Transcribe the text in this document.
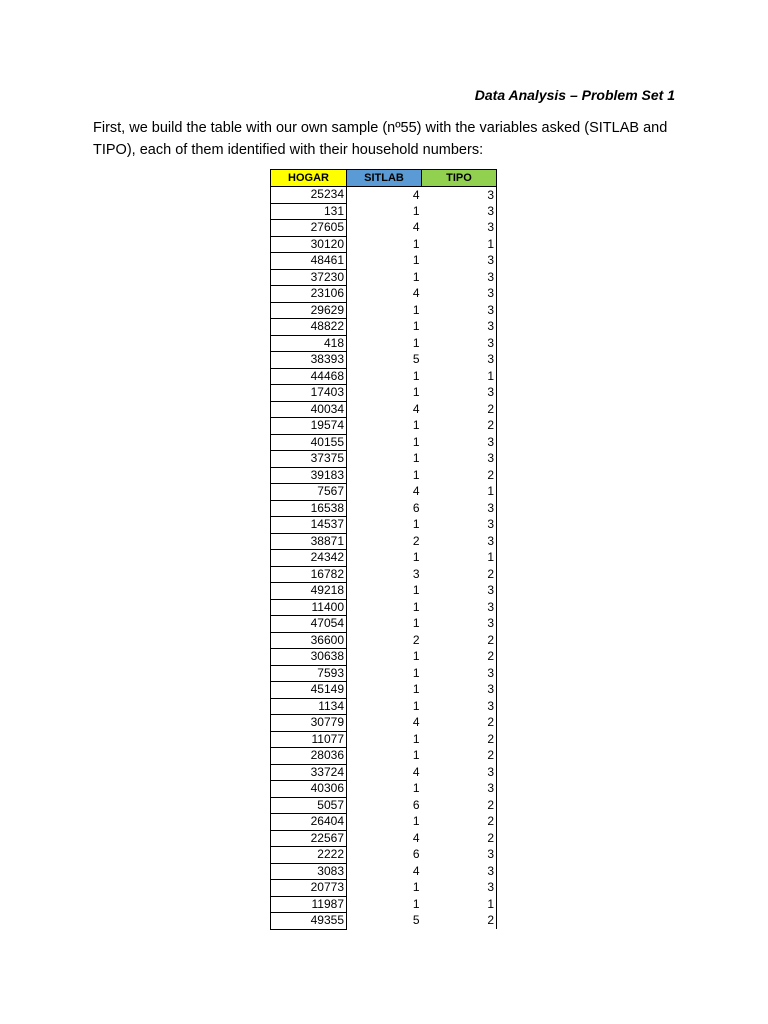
Data Analysis – Problem Set 1
First, we build the table with our own sample (nº55) with the variables asked (SITLAB and TIPO), each of them identified with their household numbers:
HOGAR	SITLAB	TIPO
25234	4	3
131	1	3
27605	4	3
30120	1	1
48461	1	3
37230	1	3
23106	4	3
29629	1	3
48822	1	3
418	1	3
38393	5	3
44468	1	1
17403	1	3
40034	4	2
19574	1	2
40155	1	3
37375	1	3
39183	1	2
7567	4	1
16538	6	3
14537	1	3
38871	2	3
24342	1	1
16782	3	2
49218	1	3
11400	1	3
47054	1	3
36600	2	2
30638	1	2
7593	1	3
45149	1	3
1134	1	3
30779	4	2
11077	1	2
28036	1	2
33724	4	3
40306	1	3
5057	6	2
26404	1	2
22567	4	2
2222	6	3
3083	4	3
20773	1	3
11987	1	1
49355	5	2
